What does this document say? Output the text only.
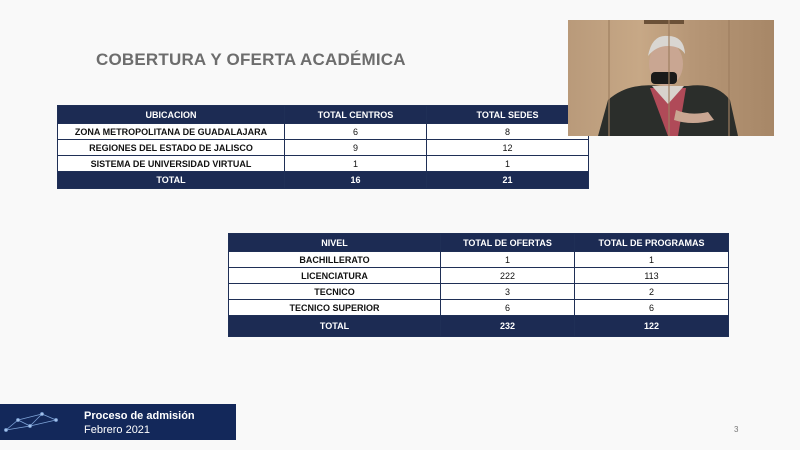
COBERTURA Y OFERTA ACADÉMICA
UBICACION	TOTAL CENTROS	TOTAL SEDES
ZONA METROPOLITANA DE GUADALAJARA	6	8
REGIONES DEL ESTADO DE JALISCO	9	12
SISTEMA DE UNIVERSIDAD VIRTUAL	1	1
TOTAL	16	21
NIVEL	TOTAL DE OFERTAS	TOTAL DE PROGRAMAS
BACHILLERATO	1	1
LICENCIATURA	222	113
TECNICO	3	2
TECNICO SUPERIOR	6	6
TOTAL	232	122
Proceso de admisión
Febrero 2021	3
